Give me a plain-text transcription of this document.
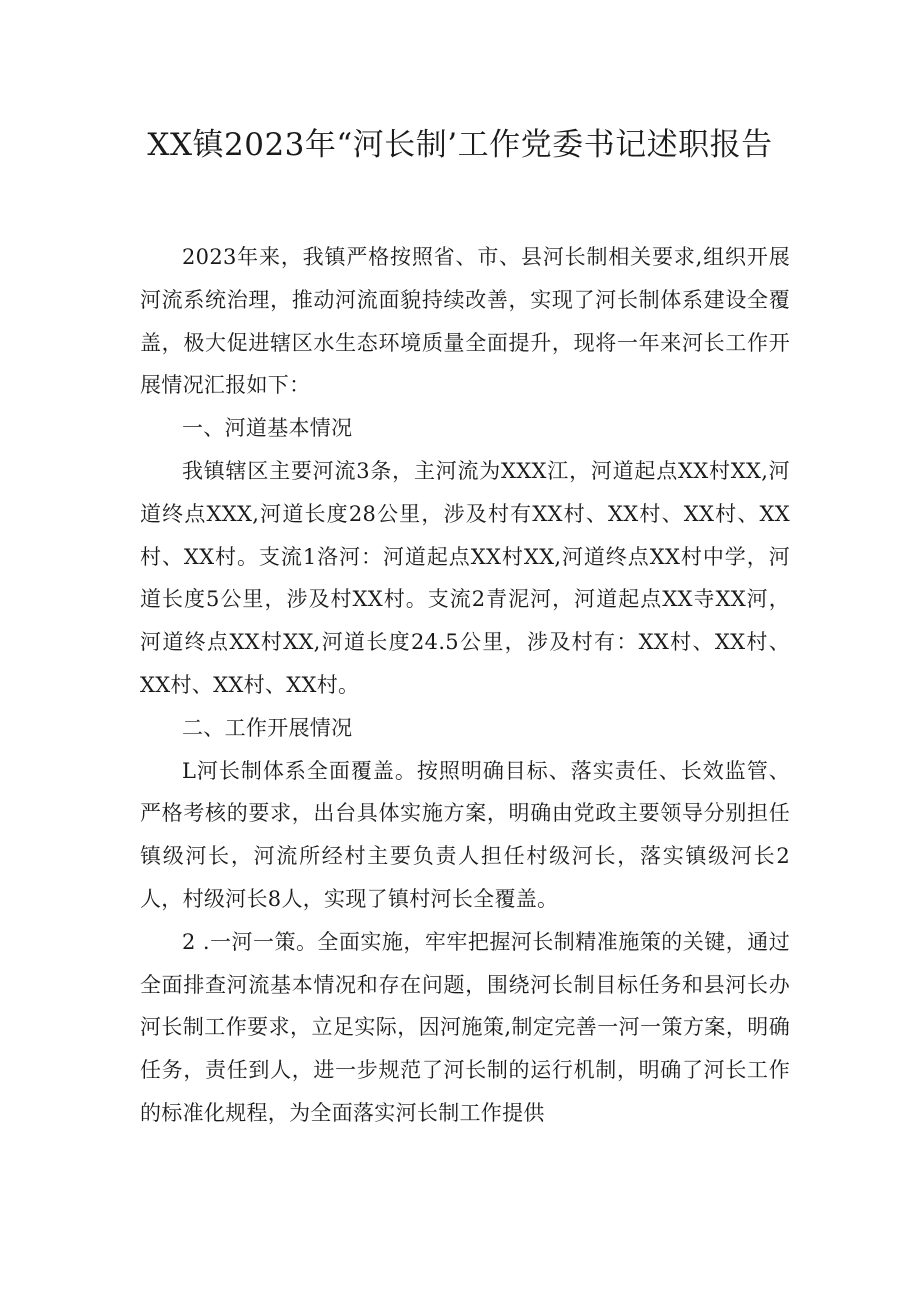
XX镇2023年“河长制’工作党委书记述职报告

2023年来，我镇严格按照省、市、县河长制相关要求,组织开展河流系统治理，推动河流面貌持续改善，实现了河长制体系建设全覆盖，极大促进辖区水生态环境质量全面提升，现将一年来河长工作开展情况汇报如下：

一、河道基本情况

我镇辖区主要河流3条，主河流为XXX江，河道起点XX村XX,河道终点XXX,河道长度28公里，涉及村有XX村、XX村、XX村、XX村、XX村。支流1洛河：河道起点XX村XX,河道终点XX村中学，河道长度5公里，涉及村XX村。支流2青泥河，河道起点XX寺XX河，河道终点XX村XX,河道长度24.5公里，涉及村有：XX村、XX村、XX村、XX村、XX村。

二、工作开展情况

L河长制体系全面覆盖。按照明确目标、落实责任、长效监管、严格考核的要求，出台具体实施方案，明确由党政主要领导分别担任镇级河长，河流所经村主要负责人担任村级河长，落实镇级河长2人，村级河长8人，实现了镇村河长全覆盖。

2 .一河一策。全面实施，牢牢把握河长制精准施策的关键，通过全面排查河流基本情况和存在问题，围绕河长制目标任务和县河长办河长制工作要求，立足实际，因河施策,制定完善一河一策方案，明确任务，责任到人，进一步规范了河长制的运行机制，明确了河长工作的标准化规程，为全面落实河长制工作提供
